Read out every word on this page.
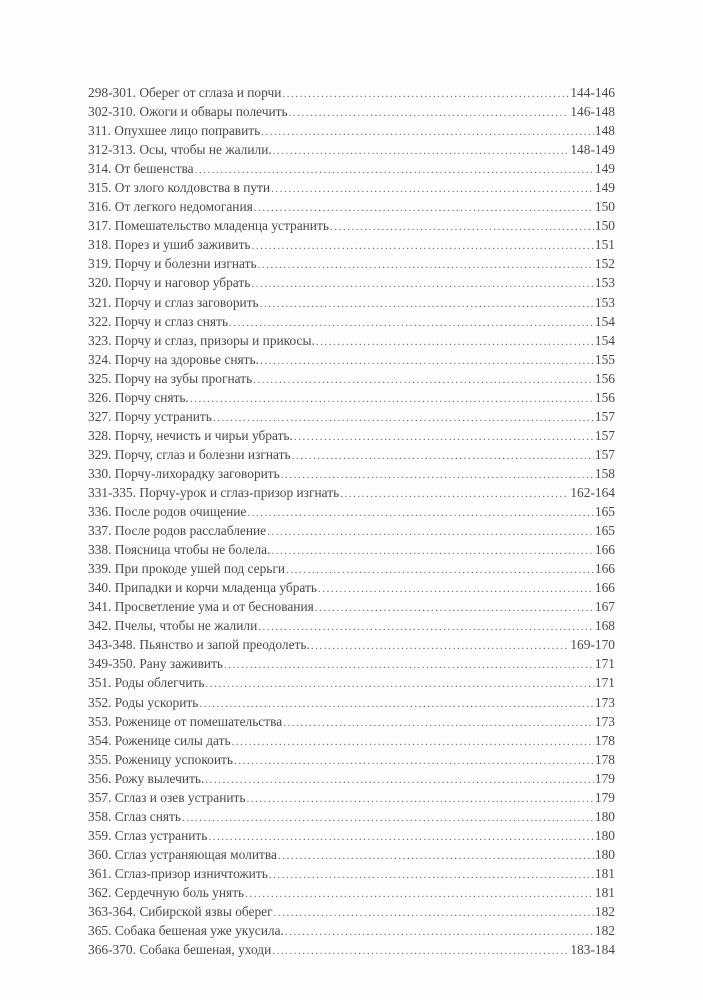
298-301. Оберег от сглаза и порчи . . .	144-146
302-310. Ожоги и обвары полечить . . .	146-148
311. Опухшее лицо поправить . . .	148
312-313. Осы, чтобы не жалили. . . .	148-149
314. От бешенства . . .	149
315. От злого колдовства в пути . . .	149
316. От легкого недомогания . . .	150
317. Помешательство младенца устранить . . .	150
318. Порез и ушиб заживить . . .	151
319. Порчу и болезни изгнать . . .	152
320. Порчу и наговор убрать . . .	153
321. Порчу и сглаз заговорить . . .	153
322. Порчу и сглаз снять . . .	154
323. Порчу и сглаз, призоры и прикосы. . . .	154
324. Порчу на здоровье снять. . . .	155
325. Порчу на зубы прогнать . . .	156
326. Порчу снять. . . .	156
327. Порчу устранить . . .	157
328. Порчу, нечисть и чирьи убрать. . . .	157
329. Порчу, сглаз и болезни изгнать . . .	157
330. Порчу-лихорадку заговорить . . .	158
331-335. Порчу-урок и сглаз-призор изгнать . . .	162-164
336. После родов очищение . . .	165
337. После родов расслабление . . .	165
338. Поясница чтобы не болела. . . .	166
339. При прокоде ушей под серьги . . .	166
340. Припадки и корчи младенца убрать . . .	166
341. Просветление ума и от беснования . . .	167
342. Пчелы, чтобы не жалили . . .	168
343-348. Пьянство и запой преодолеть. . . .	169-170
349-350. Рану заживить . . .	171
351. Роды облегчить . . .	171
352. Роды ускорить . . .	173
353. Роженице от помешательства . . .	173
354. Роженице силы дать . . .	178
355. Роженицу успокоить . . .	178
356. Рожу вылечить. . . .	179
357. Сглаз и озев устранить . . .	179
358. Сглаз снять . . .	180
359. Сглаз устранить . . .	180
360. Сглаз устраняющая молитва . . .	180
361. Сглаз-призор изничтожить . . .	181
362. Сердечную боль унять . . .	181
363-364. Сибирской язвы оберег . . .	182
365. Собака бешеная уже укусила. . . .	182
366-370. Собака бешеная, уходи . . .	183-184
